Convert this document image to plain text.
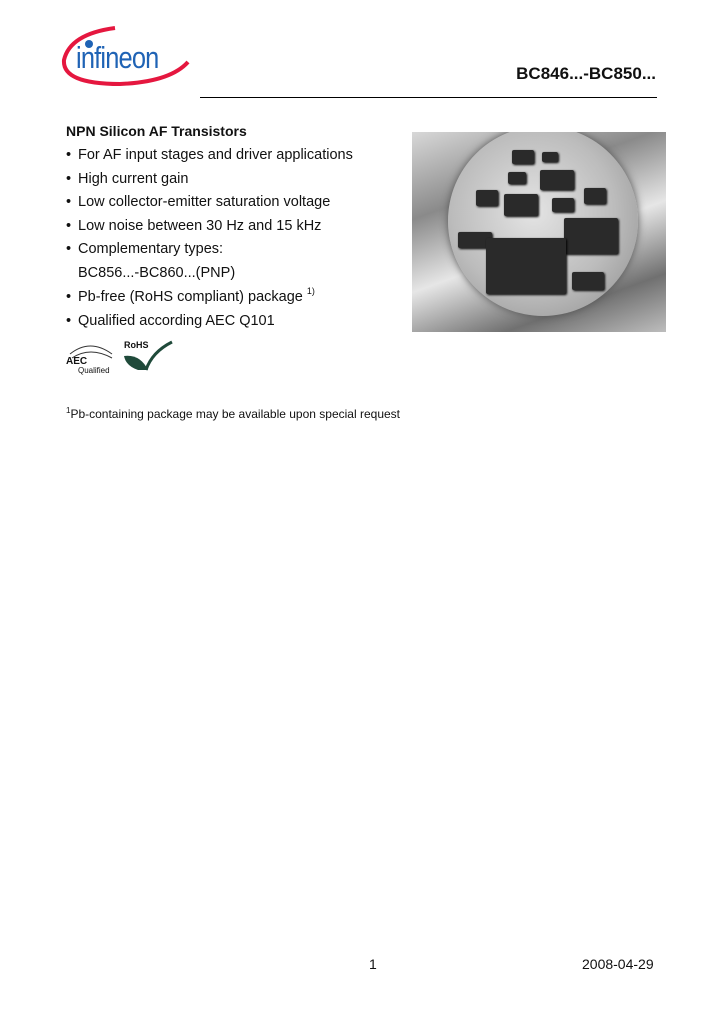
infineon	BC846...-BC850...
NPN Silicon AF Transistors
• For AF input stages and driver applications
• High current gain
• Low collector-emitter saturation voltage
• Low noise between 30 Hz and 15 kHz
• Complementary types:
BC856...-BC860...(PNP)
• Pb-free (RoHS compliant) package $^{1)}$
• Qualified according AEC Q101
AEC
Qualified
RoHS
$^1$Pb-containing package may be available upon special request
1	2008-04-29
